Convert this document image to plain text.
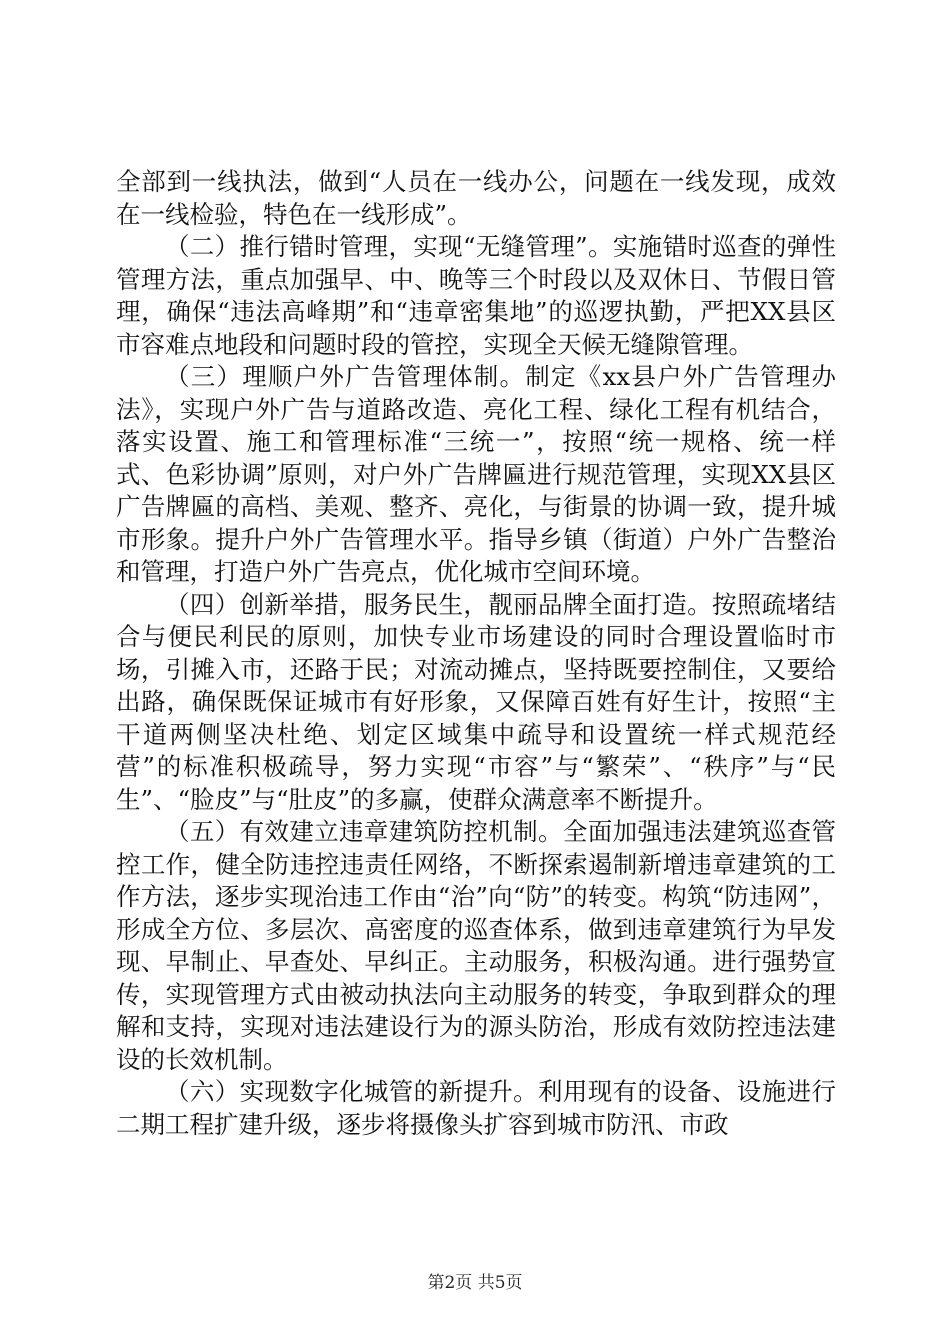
全部到一线执法，做到“人员在一线办公，问题在一线发现，成效在一线检验，特色在一线形成”。

（二）推行错时管理，实现“无缝管理”。实施错时巡查的弹性管理方法，重点加强早、中、晚等三个时段以及双休日、节假日管理，确保“违法高峰期”和“违章密集地”的巡逻执勤，严把XX县区市容难点地段和问题时段的管控，实现全天候无缝隙管理。

（三）理顺户外广告管理体制。制定《xx县户外广告管理办法》，实现户外广告与道路改造、亮化工程、绿化工程有机结合，落实设置、施工和管理标准“三统一”，按照“统一规格、统一样式、色彩协调”原则，对户外广告牌匾进行规范管理，实现XX县区广告牌匾的高档、美观、整齐、亮化，与街景的协调一致，提升城市形象。提升户外广告管理水平。指导乡镇（街道）户外广告整治和管理，打造户外广告亮点，优化城市空间环境。

（四）创新举措，服务民生，靓丽品牌全面打造。按照疏堵结合与便民利民的原则，加快专业市场建设的同时合理设置临时市场，引摊入市，还路于民；对流动摊点，坚持既要控制住，又要给出路，确保既保证城市有好形象，又保障百姓有好生计，按照“主干道两侧坚决杜绝、划定区域集中疏导和设置统一样式规范经营”的标准积极疏导，努力实现“市容”与“繁荣”、“秩序”与“民生”、“脸皮”与“肚皮”的多赢，使群众满意率不断提升。

（五）有效建立违章建筑防控机制。全面加强违法建筑巡查管控工作，健全防违控违责任网络，不断探索遏制新增违章建筑的工作方法，逐步实现治违工作由“治”向“防”的转变。构筑“防违网”，形成全方位、多层次、高密度的巡查体系，做到违章建筑行为早发现、早制止、早查处、早纠正。主动服务，积极沟通。进行强势宣传，实现管理方式由被动执法向主动服务的转变，争取到群众的理解和支持，实现对违法建设行为的源头防治，形成有效防控违法建设的长效机制。

（六）实现数字化城管的新提升。利用现有的设备、设施进行二期工程扩建升级，逐步将摄像头扩容到城市防汛、市政

第2页 共5页
